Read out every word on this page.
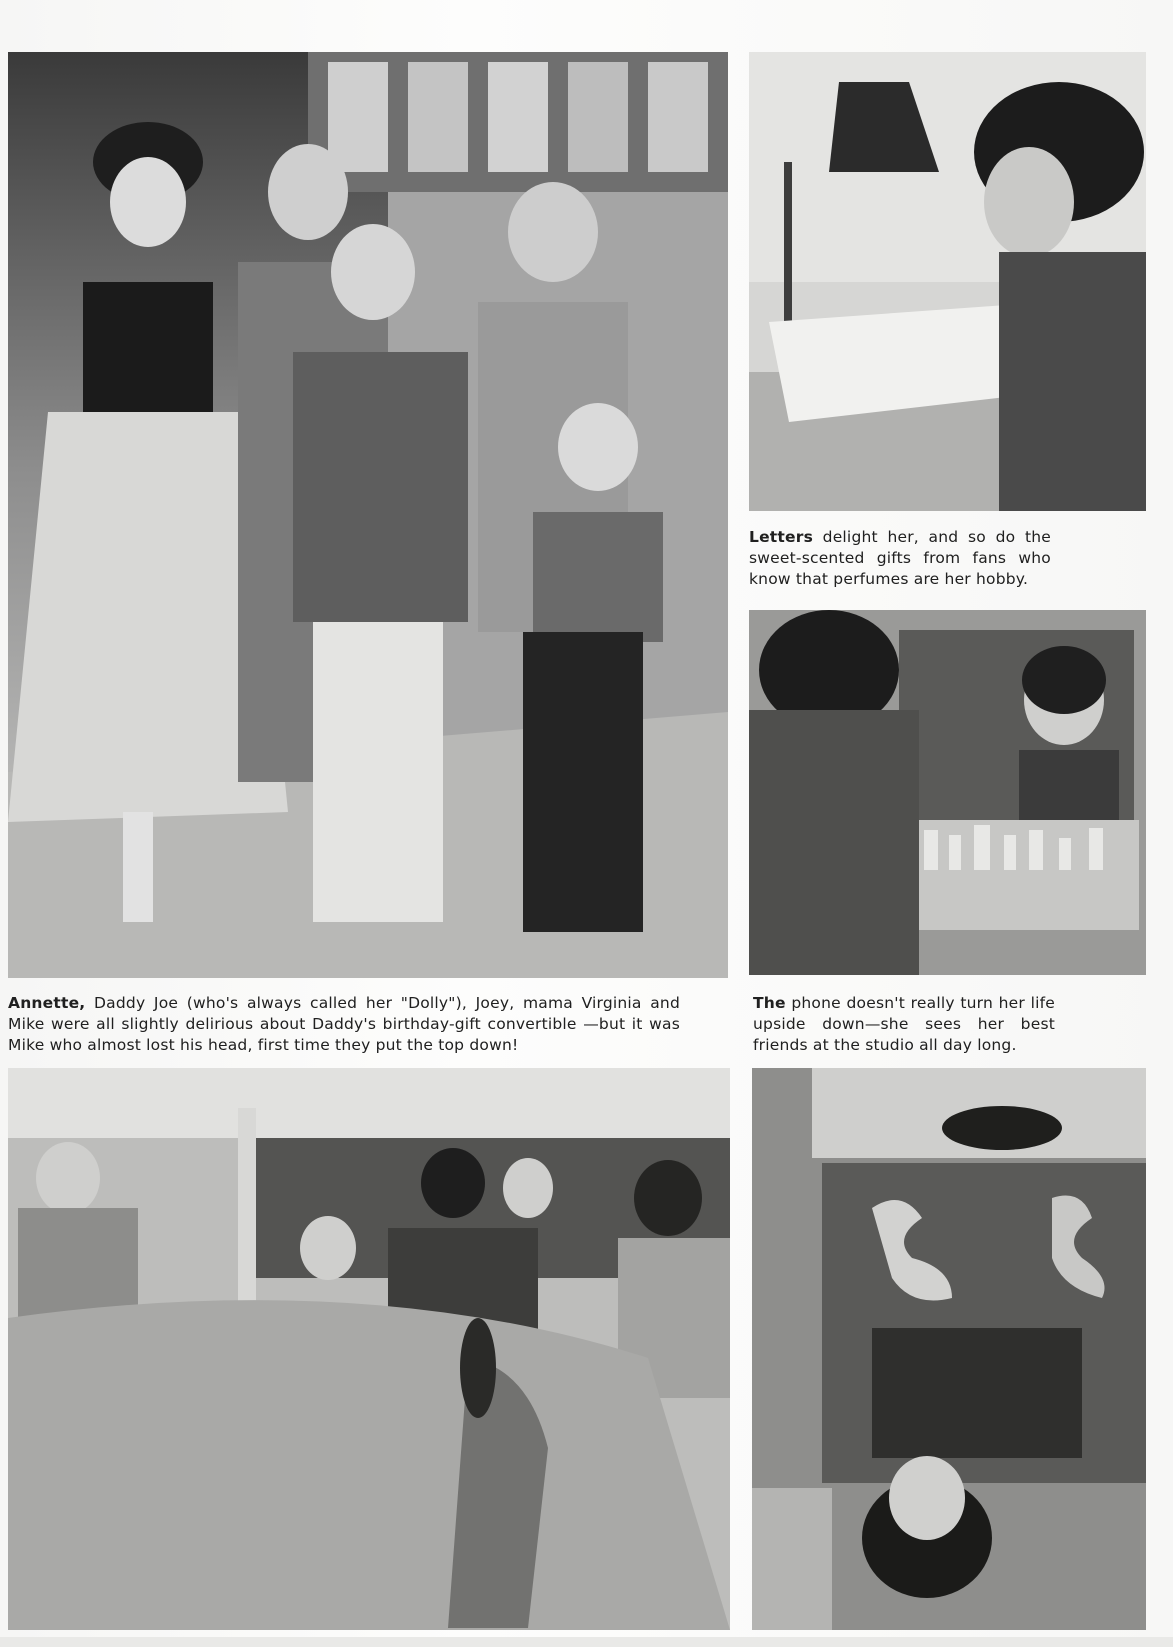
Annette, Daddy Joe (who's always called her "Dolly"), Joey, mama Virginia and Mike were all slightly delirious about Daddy's birthday-gift convertible —but it was Mike who almost lost his head, first time they put the top down!
Letters delight her, and so do the sweet-scented gifts from fans who know that perfumes are her hobby.
The phone doesn't really turn her life upside down—she sees her best friends at the studio all day long.
